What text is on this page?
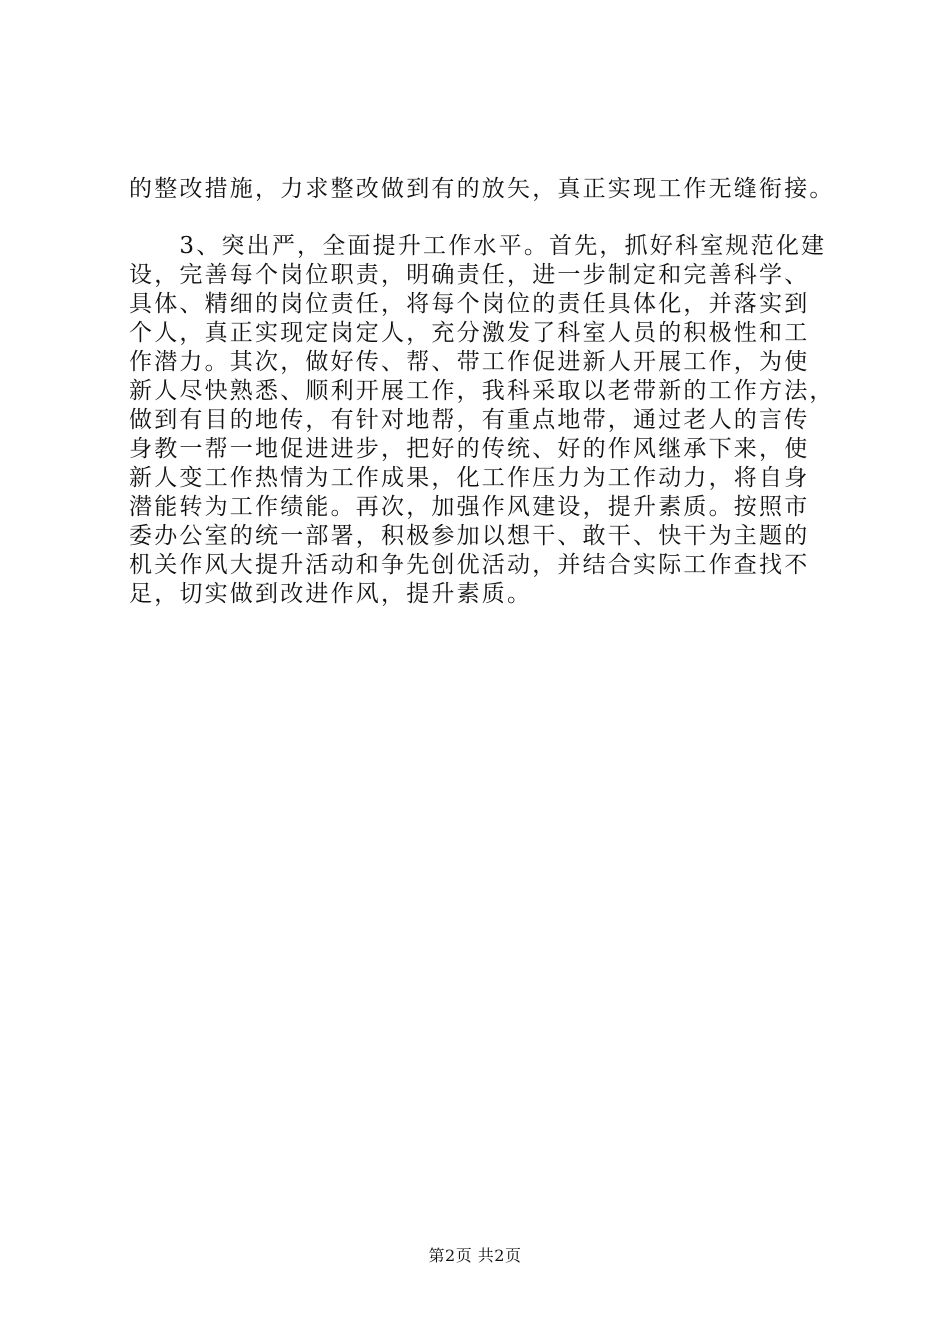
的整改措施，力求整改做到有的放矢，真正实现工作无缝衔接。
　　3、突出严，全面提升工作水平。首先，抓好科室规范化建
设，完善每个岗位职责，明确责任，进一步制定和完善科学、
具体、精细的岗位责任，将每个岗位的责任具体化，并落实到
个人，真正实现定岗定人，充分激发了科室人员的积极性和工
作潜力。其次，做好传、帮、带工作促进新人开展工作，为使
新人尽快熟悉、顺利开展工作，我科采取以老带新的工作方法，
做到有目的地传，有针对地帮，有重点地带，通过老人的言传
身教一帮一地促进进步，把好的传统、好的作风继承下来，使
新人变工作热情为工作成果，化工作压力为工作动力，将自身
潜能转为工作绩能。再次，加强作风建设，提升素质。按照市
委办公室的统一部署，积极参加以想干、敢干、快干为主题的
机关作风大提升活动和争先创优活动，并结合实际工作查找不
足，切实做到改进作风，提升素质。
第2页 共2页
